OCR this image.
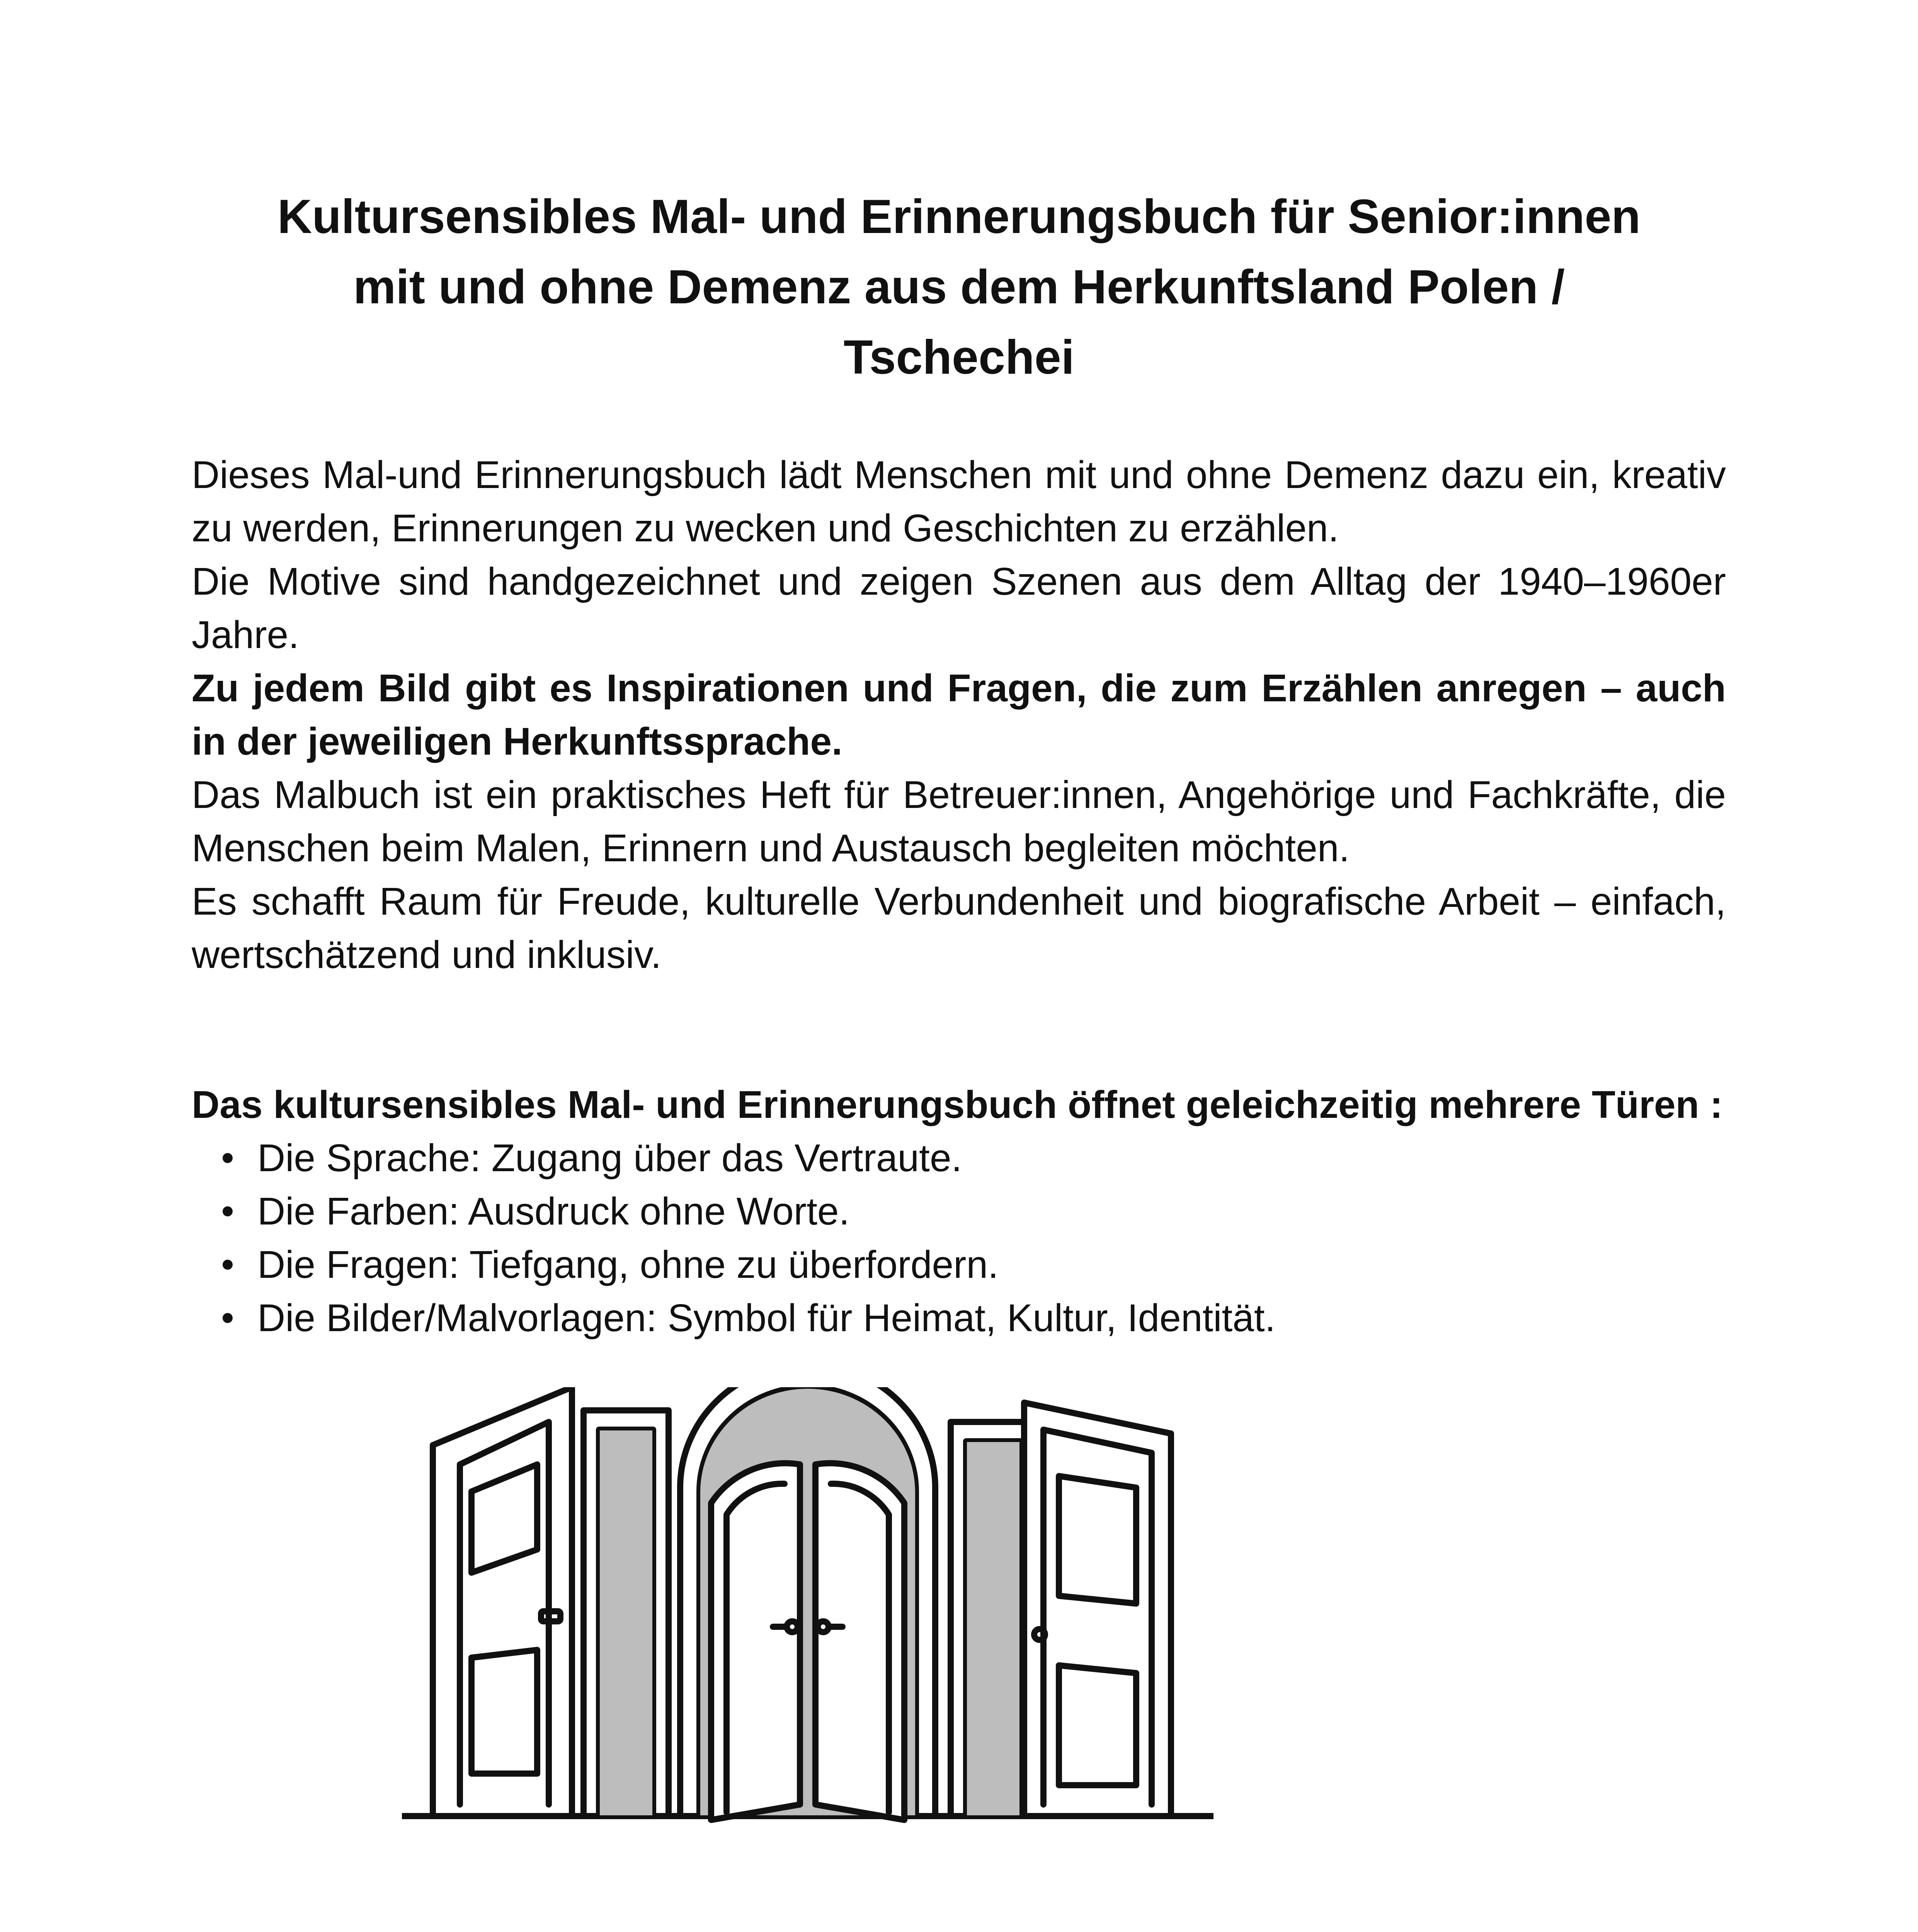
Kultursensibles Mal- und Erinnerungsbuch für Senior:innen
mit und ohne Demenz aus dem Herkunftsland Polen /
Tschechei

Dieses Mal-und Erinnerungsbuch lädt Menschen mit und ohne Demenz dazu ein, kreativ zu werden, Erinnerungen zu wecken und Geschichten zu erzählen.

Die Motive sind handgezeichnet und zeigen Szenen aus dem Alltag der 1940–1960er Jahre.

Zu jedem Bild gibt es Inspirationen und Fragen, die zum Erzählen anregen – auch in der jeweiligen Herkunftssprache.

Das Malbuch ist ein praktisches Heft für Betreuer:innen, Angehörige und Fachkräfte, die Menschen beim Malen, Erinnern und Austausch begleiten möchten.

Es schafft Raum für Freude, kulturelle Verbundenheit und biografische Arbeit – einfach, wertschätzend und inklusiv.

Das kultursensibles Mal- und Erinnerungsbuch öffnet geleichzeitig mehrere Türen :
Die Sprache: Zugang über das Vertraute.
Die Farben: Ausdruck ohne Worte.
Die Fragen: Tiefgang, ohne zu überfordern.
Die Bilder/Malvorlagen: Symbol für Heimat, Kultur, Identität.
